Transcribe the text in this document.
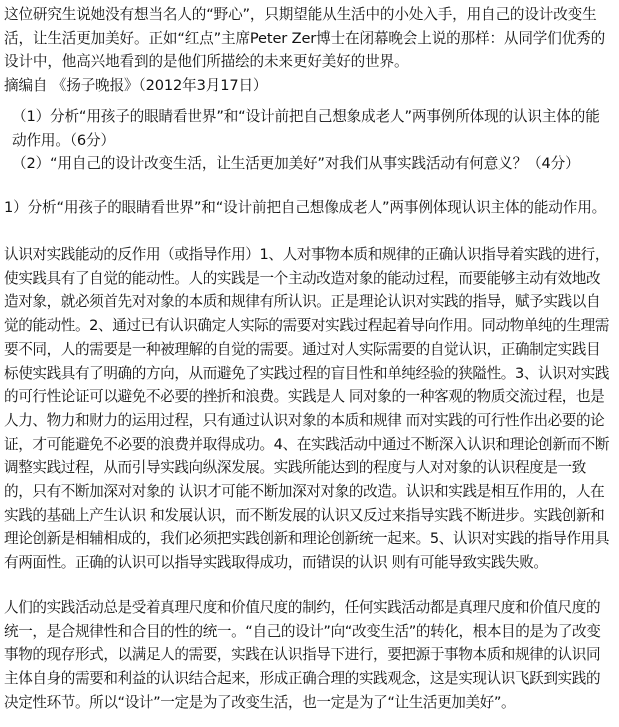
这位研究生说她没有想当名人的“野心”，只期望能从生活中的小处入手，用自己的设计改变生活，让生活更加美好。正如“红点”主席Peter Zer博士在闭幕晚会上说的那样：从同学们优秀的设计中，他高兴地看到的是他们所描绘的未来更好美好的世界。
摘编自 《扬子晚报》（2012年3月17日）
（1）分析“用孩子的眼睛看世界”和“设计前把自己想象成老人”两事例所体现的认识主体的能动作用。（6分）
（2）“用自己的设计改变生活，让生活更加美好”对我们从事实践活动有何意义？（4分）
1）分析“用孩子的眼睛看世界”和“设计前把自己想像成老人”两事例体现认识主体的能动作用。
认识对实践能动的反作用（或指导作用）1、人对事物本质和规律的正确认识指导着实践的进行，使实践具有了自觉的能动性。人的实践是一个主动改造对象的能动过程，而要能够主动有效地改造对象，就必须首先对对象的本质和规律有所认识。正是理论认识对实践的指导，赋予实践以自觉的能动性。2、通过已有认识确定人实际的需要对实践过程起着导向作用。同动物单纯的生理需要不同，人的需要是一种被理解的自觉的需要。通过对人实际需要的自觉认识，正确制定实践目标使实践具有了明确的方向，从而避免了实践过程的盲目性和单纯经验的狭隘性。3、认识对实践的可行性论证可以避免不必要的挫折和浪费。实践是人 同对象的一种客观的物质交流过程，也是人力、物力和财力的运用过程，只有通过认识对象的本质和规律 而对实践的可行性作出必要的论证，才可能避免不必要的浪费并取得成功。4、在实践活动中通过不断深入认识和理论创新而不断调整实践过程，从而引导实践向纵深发展。实践所能达到的程度与人对对象的认识程度是一致的，只有不断加深对对象的 认识才可能不断加深对对象的改造。认识和实践是相互作用的，人在实践的基础上产生认识 和发展认识，而不断发展的认识又反过来指导实践不断进步。实践创新和理论创新是相辅相成的，我们必须把实践创新和理论创新统一起来。5、认识对实践的指导作用具有两面性。正确的认识可以指导实践取得成功，而错误的认识 则有可能导致实践失败。
人们的实践活动总是受着真理尺度和价值尺度的制约，任何实践活动都是真理尺度和价值尺度的统一，是合规律性和合目的性的统一。“自己的设计”向“改变生活”的转化，根本目的是为了改变事物的现存形式，以满足人的需要，实践在认识指导下进行，要把源于事物本质和规律的认识同主体自身的需要和利益的认识结合起来，形成正确合理的实践观念，这是实现认识飞跃到实践的决定性环节。所以“设计”一定是为了改变生活，也一定是为了“让生活更加美好”。
